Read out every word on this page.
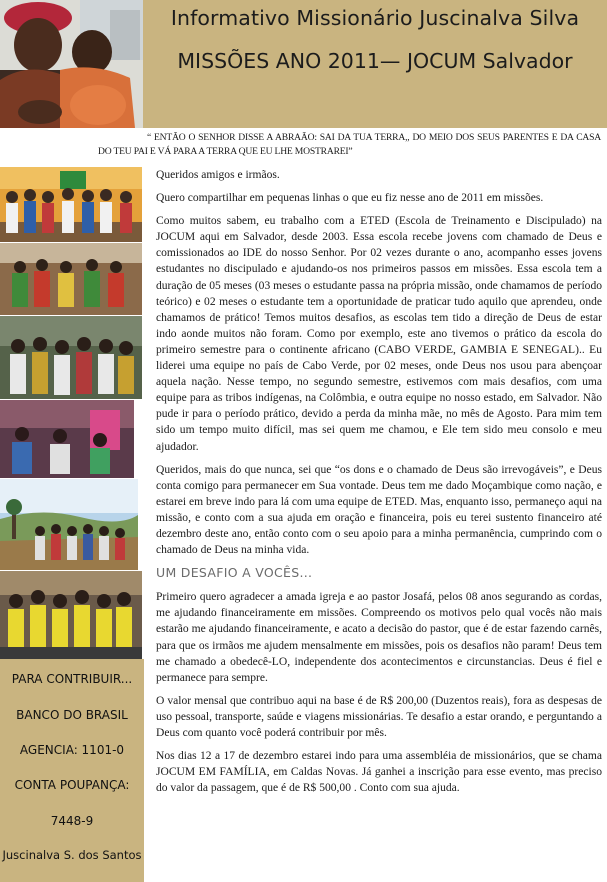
Informativo Missionário Juscinalva Silva
MISSÕES ANO 2011— JOCUM Salvador
“ ENTÃO O SENHOR DISSE A ABRAÃO: SAI DA TUA TERRA,, DO MEIO DOS SEUS PARENTES E DA CASA DO TEU PAI E VÁ PARA A TERRA QUE EU LHE MOSTRAREI”
PARA CONTRIBUIR...
BANCO DO BRASIL
AGENCIA: 1101-0
CONTA POUPANÇA:
7448-9
Juscinalva S. dos Santos

Queridos amigos e irmãos.

Quero compartilhar em pequenas linhas o que eu fiz nesse ano de 2011 em missões.

Como muitos sabem, eu trabalho com a ETED (Escola de Treinamento e Discipulado) na JOCUM aqui em Salvador, desde 2003. Essa escola recebe jovens com chamado de Deus e comissionados ao IDE do nosso Senhor. Por 02 vezes durante o ano, acompanho esses jovens estudantes no discipulado e ajudando-os nos primeiros passos em missões. Essa escola tem a duração de 05 meses (03 meses o estudante passa na própria missão, onde chamamos de período teórico) e 02 meses o estudante tem a oportunidade de praticar tudo aquilo que aprendeu, onde chamamos de prático! Temos muitos desafios, as escolas tem tido a direção de Deus de estar indo aonde muitos não foram. Como por exemplo, este ano tivemos o prático da escola do primeiro semestre para o continente africano (CABO VERDE, GAMBIA E SENEGAL).. Eu liderei uma equipe no país de Cabo Verde, por 02 meses, onde Deus nos usou para abençoar aquela nação. Nesse tempo, no segundo semestre, estivemos com mais desafios, com uma equipe para as tribos indígenas, na Colômbia, e outra equipe no nosso estado, em Salvador. Não pude ir para o período prático, devido a perda da minha mãe, no mês de Agosto. Para mim tem sido um tempo muito difícil, mas sei quem me chamou, e Ele tem sido meu consolo e meu ajudador.

Queridos, mais do que nunca, sei que “os dons e o chamado de Deus são irrevogáveis”, e Deus conta comigo para permanecer em Sua vontade. Deus tem me dado Moçambique como nação, e estarei em breve indo para lá com uma equipe de ETED. Mas, enquanto isso, permaneço aqui na missão, e conto com a sua ajuda em oração e financeira, pois eu terei sustento financeiro até dezembro deste ano, então conto com o seu apoio para a minha permanência, cumprindo com o chamado de Deus na minha vida.

UM DESAFIO A VOCÊS...

Primeiro quero agradecer a amada igreja e ao pastor Josafá, pelos 08 anos segurando as cordas, me ajudando financeiramente em missões. Compreendo os motivos pelo qual vocês não mais estarão me ajudando financeiramente, e acato a decisão do pastor, que é de estar fazendo carnês, para que os irmãos me ajudem mensalmente em missões, pois os desafios não param! Deus tem me chamado a obedecê-LO, independente dos acontecimentos e circunstancias. Deus é fiel e permanece para sempre.

O valor mensal que contribuo aqui na base é de R$ 200,00 (Duzentos reais), fora as despesas de uso pessoal, transporte, saúde e viagens missionárias. Te desafio a estar orando, e perguntando a Deus com quanto você poderá contribuir por mês.

Nos dias 12 a 17 de dezembro estarei indo para uma assembléia de missionários, que se chama JOCUM EM FAMÍLIA, em Caldas Novas. Já ganhei a inscrição para esse evento, mas preciso do valor da passagem, que é de R$ 500,00 . Conto com sua ajuda.
